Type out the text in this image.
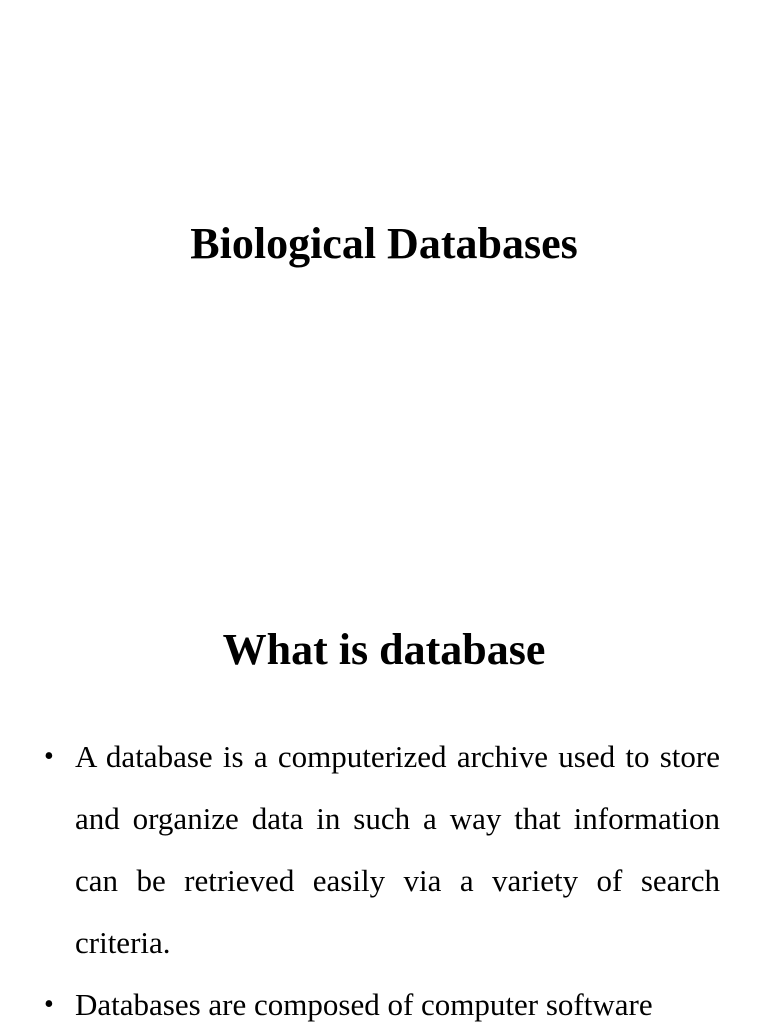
Biological Databases
What is database
• A database is a computerized archive used to store and organize data in such a way that information can be retrieved easily via a variety of search criteria.
• Databases are composed of computer software
